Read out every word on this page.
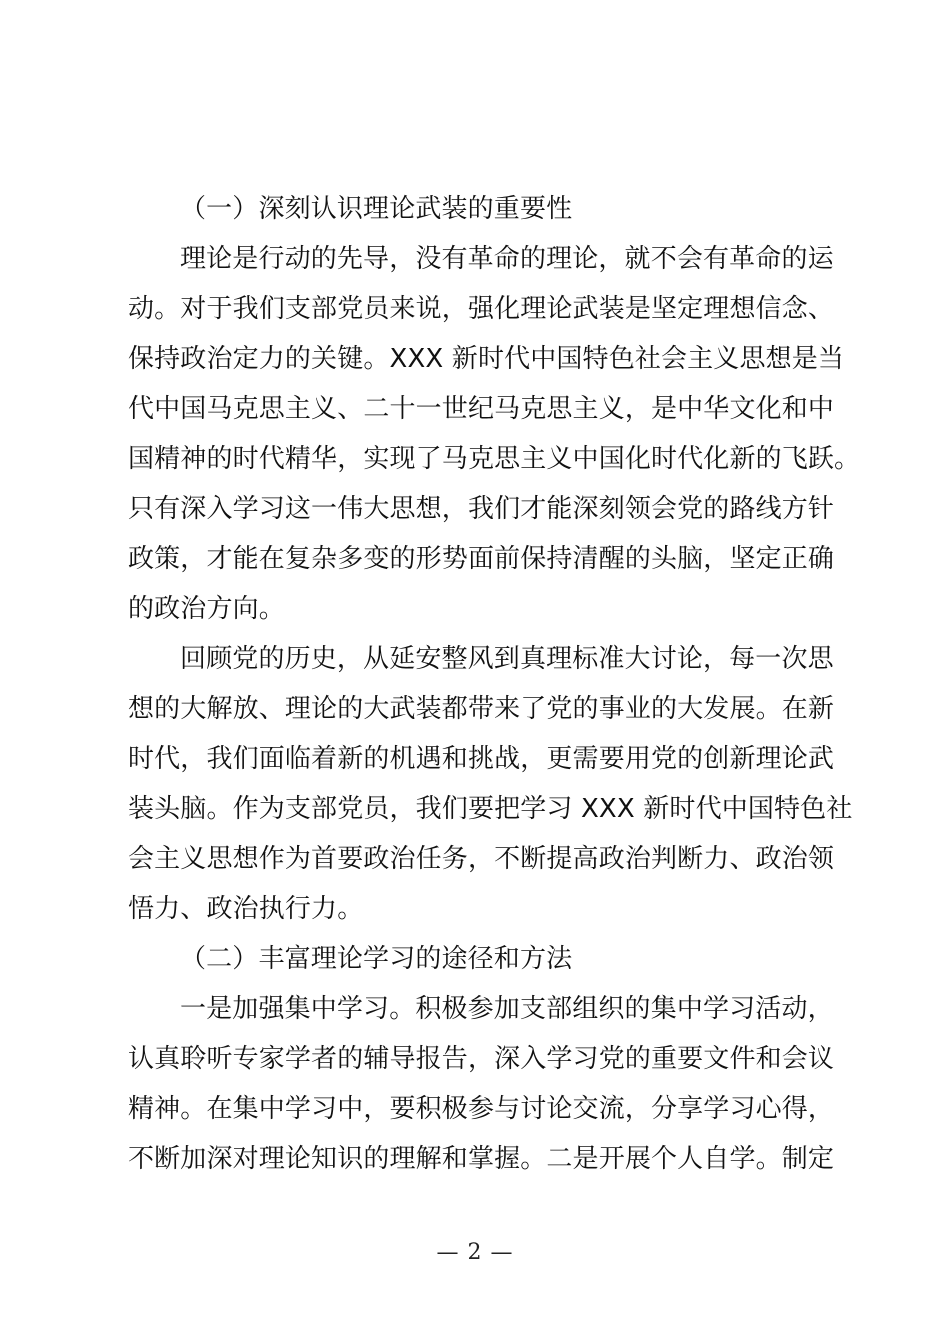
（一）深刻认识理论武装的重要性
理论是行动的先导，没有革命的理论，就不会有革命的运
动。对于我们支部党员来说，强化理论武装是坚定理想信念、
保持政治定力的关键。XXX 新时代中国特色社会主义思想是当
代中国马克思主义、二十一世纪马克思主义，是中华文化和中
国精神的时代精华，实现了马克思主义中国化时代化新的飞跃。
只有深入学习这一伟大思想，我们才能深刻领会党的路线方针
政策，才能在复杂多变的形势面前保持清醒的头脑，坚定正确
的政治方向。
回顾党的历史，从延安整风到真理标准大讨论，每一次思
想的大解放、理论的大武装都带来了党的事业的大发展。在新
时代，我们面临着新的机遇和挑战，更需要用党的创新理论武
装头脑。作为支部党员，我们要把学习 XXX 新时代中国特色社
会主义思想作为首要政治任务，不断提高政治判断力、政治领
悟力、政治执行力。
（二）丰富理论学习的途径和方法
一是加强集中学习。积极参加支部组织的集中学习活动，
认真聆听专家学者的辅导报告，深入学习党的重要文件和会议
精神。在集中学习中，要积极参与讨论交流，分享学习心得，
不断加深对理论知识的理解和掌握。二是开展个人自学。制定
— 2 —
